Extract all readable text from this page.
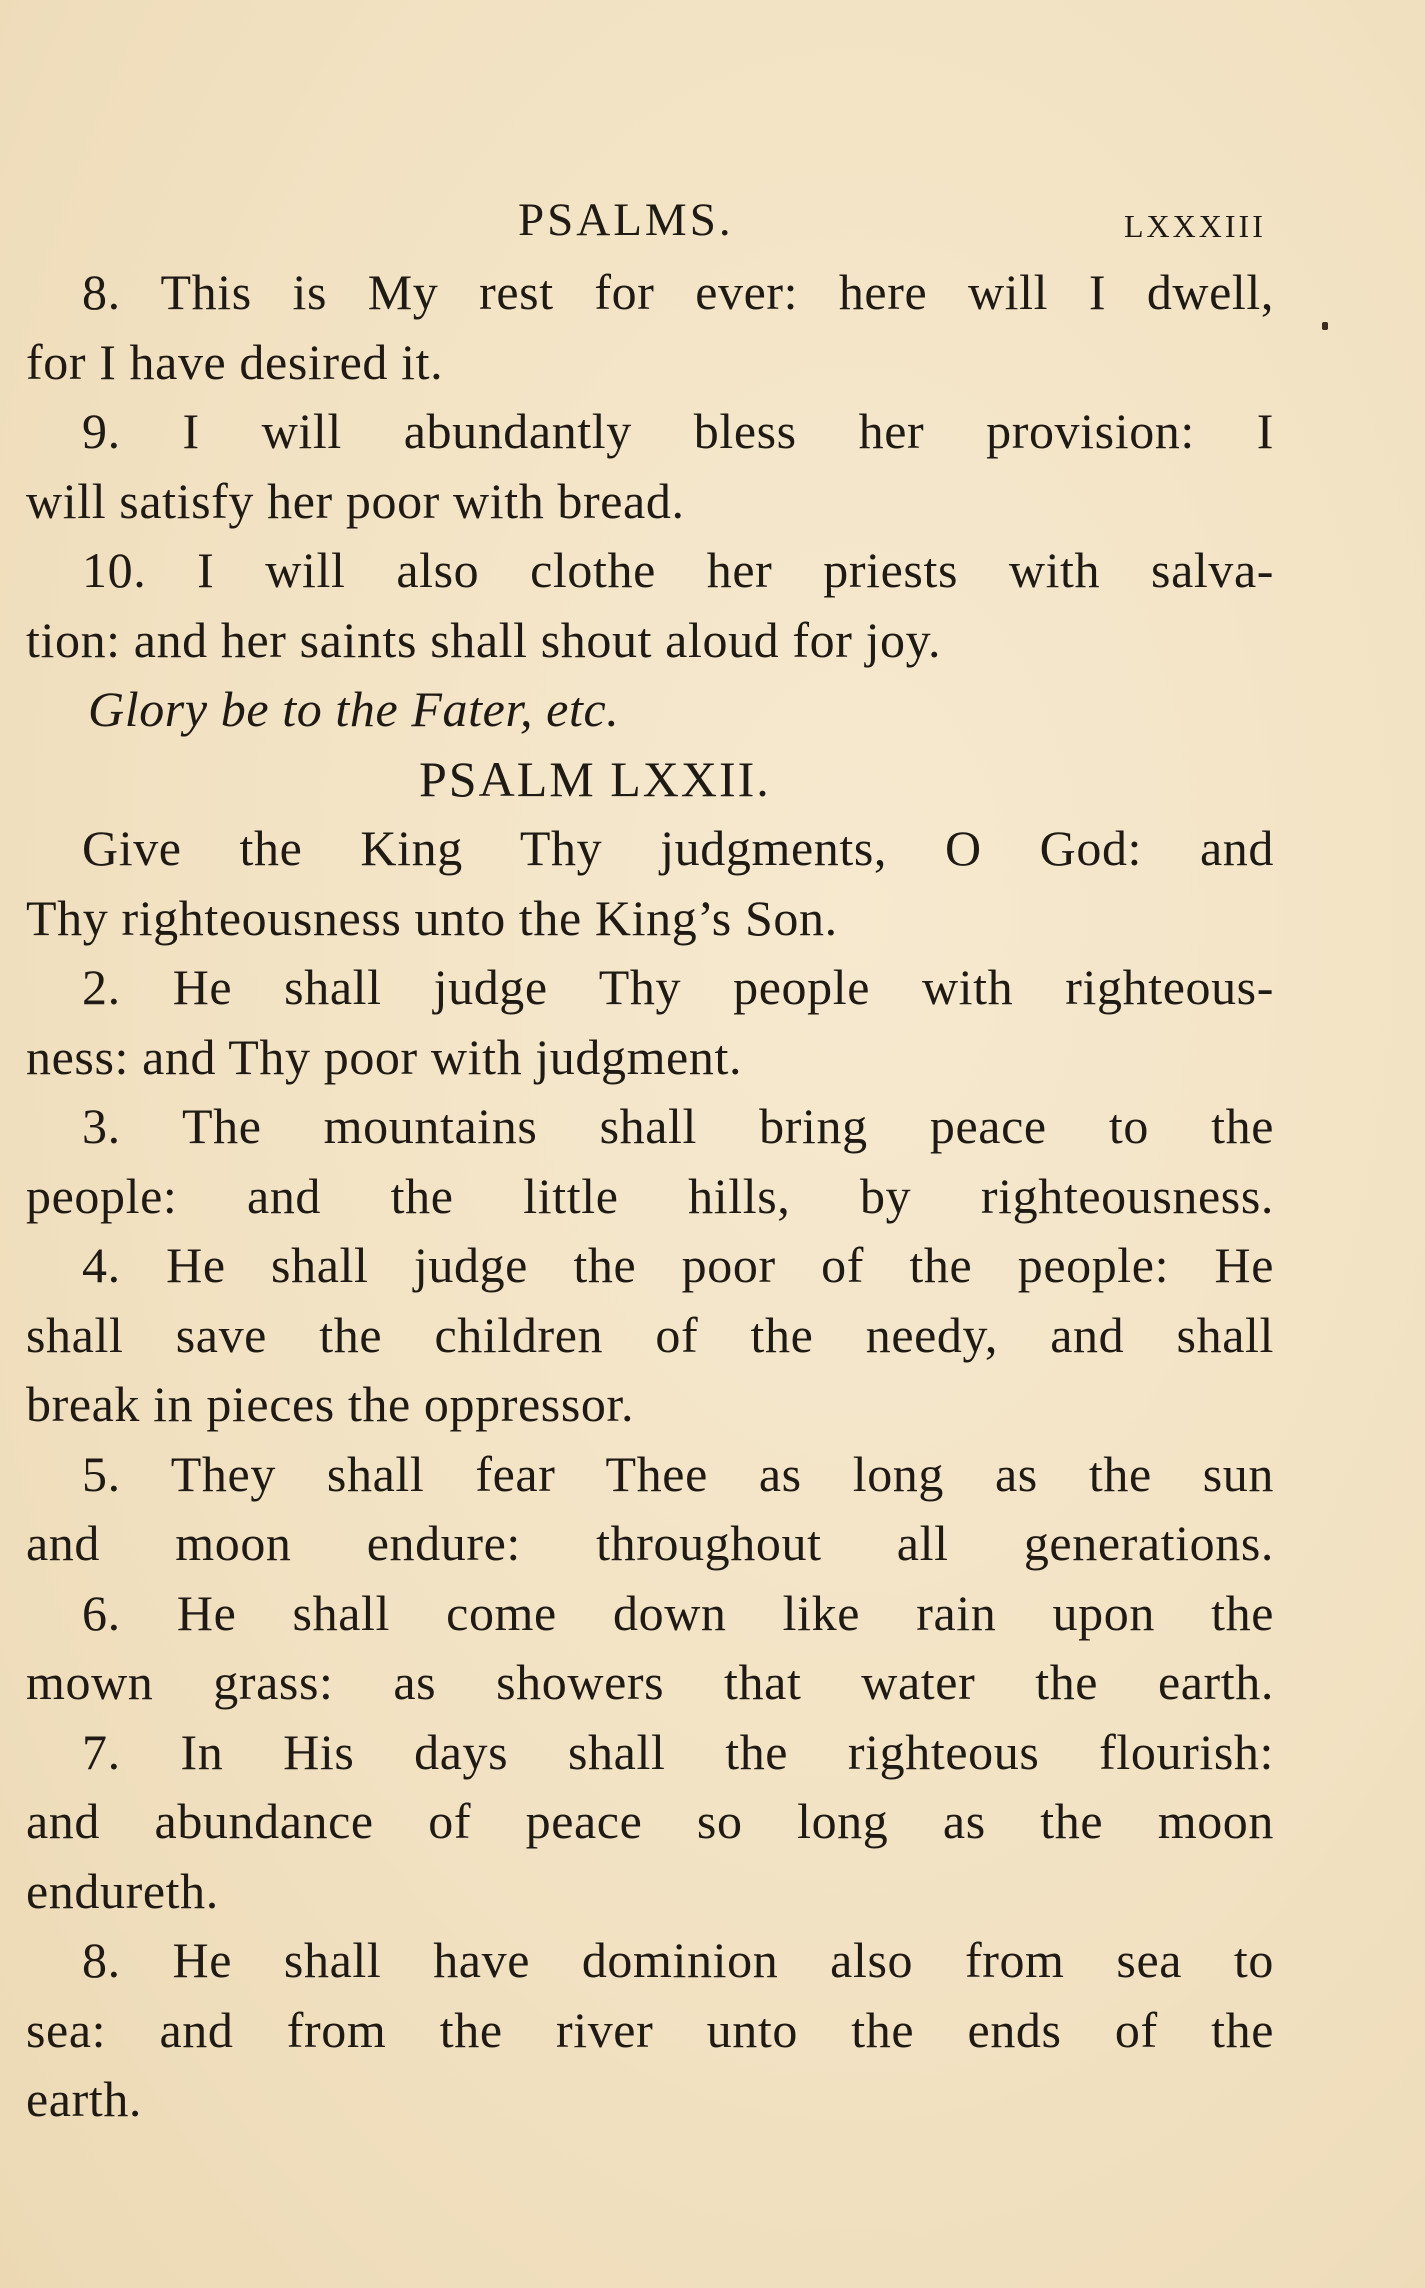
PSALMS.	LXXXIII
8. This is My rest for ever: here will I dwell,
for I have desired it.
9. I will abundantly bless her provision: I
will satisfy her poor with bread.
10. I will also clothe her priests with salva-
tion: and her saints shall shout aloud for joy.
Glory be to the Fater, etc.
PSALM LXXII.
Give the King Thy judgments, O God: and
Thy righteousness unto the King’s Son.
2. He shall judge Thy people with righteous-
ness: and Thy poor with judgment.
3. The mountains shall bring peace to the
people: and the little hills, by righteousness.
4. He shall judge the poor of the people: He
shall save the children of the needy, and shall
break in pieces the oppressor.
5. They shall fear Thee as long as the sun
and moon endure: throughout all generations.
6. He shall come down like rain upon the
mown grass: as showers that water the earth.
7. In His days shall the righteous flourish:
and abundance of peace so long as the moon
endureth.
8. He shall have dominion also from sea to
sea: and from the river unto the ends of the
earth.
